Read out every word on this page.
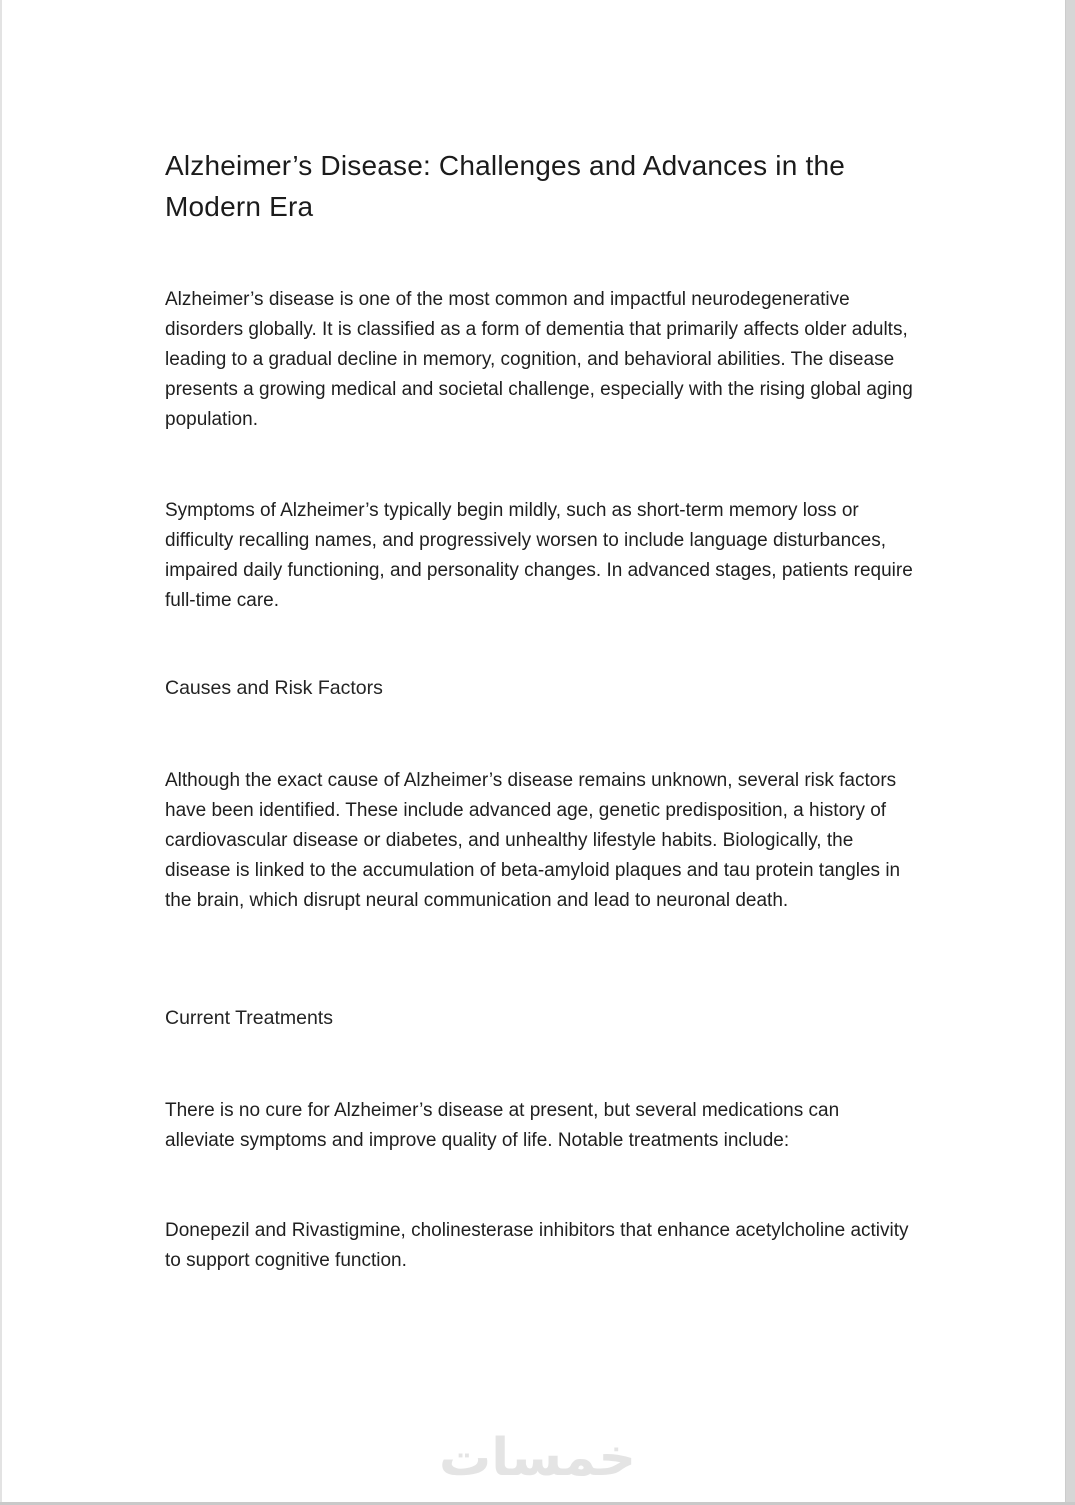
Alzheimer’s Disease: Challenges and Advances in the Modern Era

Alzheimer’s disease is one of the most common and impactful neurodegenerative disorders globally. It is classified as a form of dementia that primarily affects older adults, leading to a gradual decline in memory, cognition, and behavioral abilities. The disease presents a growing medical and societal challenge, especially with the rising global aging population.

Symptoms of Alzheimer’s typically begin mildly, such as short-term memory loss or difficulty recalling names, and progressively worsen to include language disturbances, impaired daily functioning, and personality changes. In advanced stages, patients require full-time care.

Causes and Risk Factors

Although the exact cause of Alzheimer’s disease remains unknown, several risk factors have been identified. These include advanced age, genetic predisposition, a history of cardiovascular disease or diabetes, and unhealthy lifestyle habits. Biologically, the disease is linked to the accumulation of beta-amyloid plaques and tau protein tangles in the brain, which disrupt neural communication and lead to neuronal death.

Current Treatments

There is no cure for Alzheimer’s disease at present, but several medications can alleviate symptoms and improve quality of life. Notable treatments include:

Donepezil and Rivastigmine, cholinesterase inhibitors that enhance acetylcholine activity to support cognitive function.

خمسات
